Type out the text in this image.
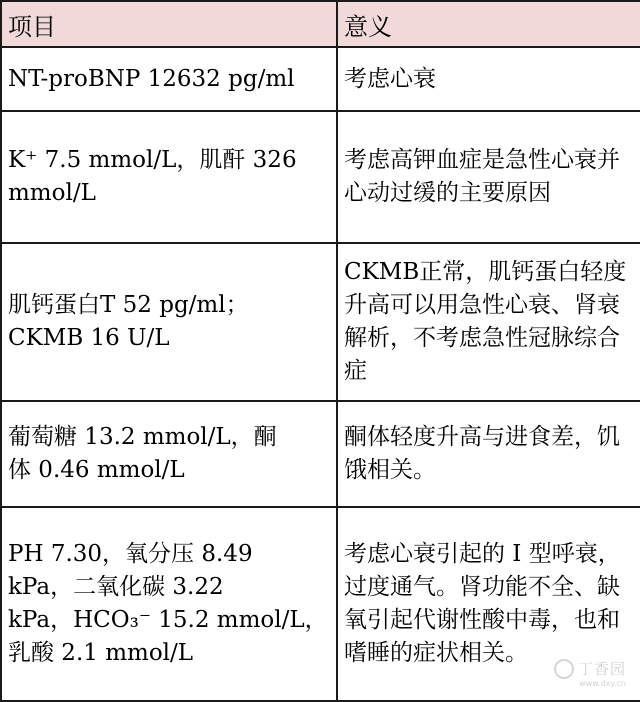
项目	意义

NT-proBNP 12632 pg/ml	考虑心衰

K⁺ 7.5 mmol/L，肌酐 326
mmol/L	考虑高钾血症是急性心衰并心动过缓的主要原因

肌钙蛋白T 52 pg/ml；
CKMB 16 U/L	CKMB正常，肌钙蛋白轻度升高可以用急性心衰、肾衰解析，不考虑急性冠脉综合症

葡萄糖 13.2 mmol/L，酮
体 0.46 mmol/L	酮体轻度升高与进食差，饥饿相关。

PH 7.30，氧分压 8.49
kPa，二氧化碳 3.22
kPa，HCO₃⁻ 15.2 mmol/L，
乳酸 2.1 mmol/L	考虑心衰引起的 I 型呼衰，过度通气。肾功能不全、缺氧引起代谢性酸中毒，也和嗜睡的症状相关。
丁香园
www.dxy.cn
